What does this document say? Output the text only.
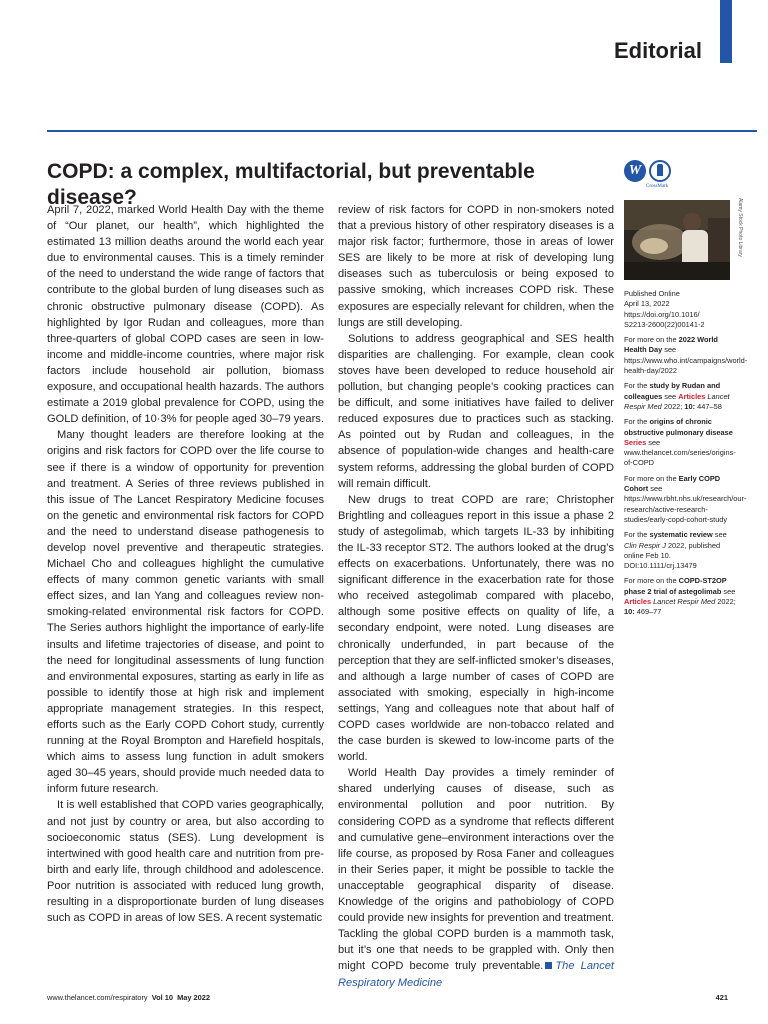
Editorial
COPD: a complex, multifactorial, but preventable disease?
W
CrossMark
Alamy Stock Photo Library

April 7, 2022, marked World Health Day with the theme of “Our planet, our health”, which highlighted the estimated 13 million deaths around the world each year due to environmental causes. This is a timely reminder of the need to understand the wide range of factors that contribute to the global burden of lung diseases such as chronic obstructive pulmonary disease (COPD). As highlighted by Igor Rudan and colleagues, more than three-quarters of global COPD cases are seen in low-income and middle-income countries, where major risk factors include household air pollution, biomass exposure, and occupational health hazards. The authors estimate a 2019 global prevalence for COPD, using the GOLD definition, of 10·3% for people aged 30–79 years.

Many thought leaders are therefore looking at the origins and risk factors for COPD over the life course to see if there is a window of opportunity for prevention and treatment. A Series of three reviews published in this issue of The Lancet Respiratory Medicine focuses on the genetic and environmental risk factors for COPD and the need to understand disease pathogenesis to develop novel preventive and therapeutic strategies. Michael Cho and colleagues highlight the cumulative effects of many common genetic variants with small effect sizes, and Ian Yang and colleagues review non-smoking-related environmental risk factors for COPD. The Series authors highlight the importance of early-life insults and lifetime trajectories of disease, and point to the need for longitudinal assessments of lung function and environmental exposures, starting as early in life as possible to identify those at high risk and implement appropriate management strategies. In this respect, efforts such as the Early COPD Cohort study, currently running at the Royal Brompton and Harefield hospitals, which aims to assess lung function in adult smokers aged 30–45 years, should provide much needed data to inform future research.

It is well established that COPD varies geographically, and not just by country or area, but also according to socioeconomic status (SES). Lung development is intertwined with good health care and nutrition from pre-birth and early life, through childhood and adolescence. Poor nutrition is associated with reduced lung growth, resulting in a disproportionate burden of lung diseases such as COPD in areas of low SES. A recent systematic

review of risk factors for COPD in non-smokers noted that a previous history of other respiratory diseases is a major risk factor; furthermore, those in areas of lower SES are likely to be more at risk of developing lung diseases such as tuberculosis or being exposed to passive smoking, which increases COPD risk. These exposures are especially relevant for children, when the lungs are still developing.

Solutions to address geographical and SES health disparities are challenging. For example, clean cook stoves have been developed to reduce household air pollution, but changing people’s cooking practices can be difficult, and some initiatives have failed to deliver reduced exposures due to practices such as stacking. As pointed out by Rudan and colleagues, in the absence of population-wide changes and health-care system reforms, addressing the global burden of COPD will remain difficult.

New drugs to treat COPD are rare; Christopher Brightling and colleagues report in this issue a phase 2 study of astegolimab, which targets IL-33 by inhibiting the IL-33 receptor ST2. The authors looked at the drug’s effects on exacerbations. Unfortunately, there was no significant difference in the exacerbation rate for those who received astegolimab compared with placebo, although some positive effects on quality of life, a secondary endpoint, were noted. Lung diseases are chronically underfunded, in part because of the perception that they are self-inflicted smoker’s diseases, and although a large number of cases of COPD are associated with smoking, especially in high-income settings, Yang and colleagues note that about half of COPD cases worldwide are non-tobacco related and the case burden is skewed to low-income parts of the world.

World Health Day provides a timely reminder of shared underlying causes of disease, such as environmental pollution and poor nutrition. By considering COPD as a syndrome that reflects different and cumulative gene–environment interactions over the life course, as proposed by Rosa Faner and colleagues in their Series paper, it might be possible to tackle the unacceptable geographical disparity of disease. Knowledge of the origins and pathobiology of COPD could provide new insights for prevention and treatment. Tackling the global COPD burden is a mammoth task, but it’s one that needs to be grappled with. Only then might COPD become truly preventable. The Lancet Respiratory Medicine

Published Online
April 13, 2022
https://doi.org/10.1016/
S2213-2600(22)00141-2
For more on the 2022 World Health Day see https://www.who.int/campaigns/world-health-day/2022
For the study by Rudan and colleagues see Articles Lancet Respir Med 2022; 10: 447–58
For the origins of chronic obstructive pulmonary disease Series see www.thelancet.com/series/origins-of-COPD
For more on the Early COPD Cohort see https://www.rbht.nhs.uk/research/our-research/active-research-studies/early-copd-cohort-study
For the systematic review see Clin Respir J 2022, published online Feb 10. DOI:10.1111/crj.13479
For more on the COPD-ST2OP phase 2 trial of astegolimab see Articles Lancet Respir Med 2022; 10: 469–77
www.thelancet.com/respiratory Vol 10 May 2022	421
